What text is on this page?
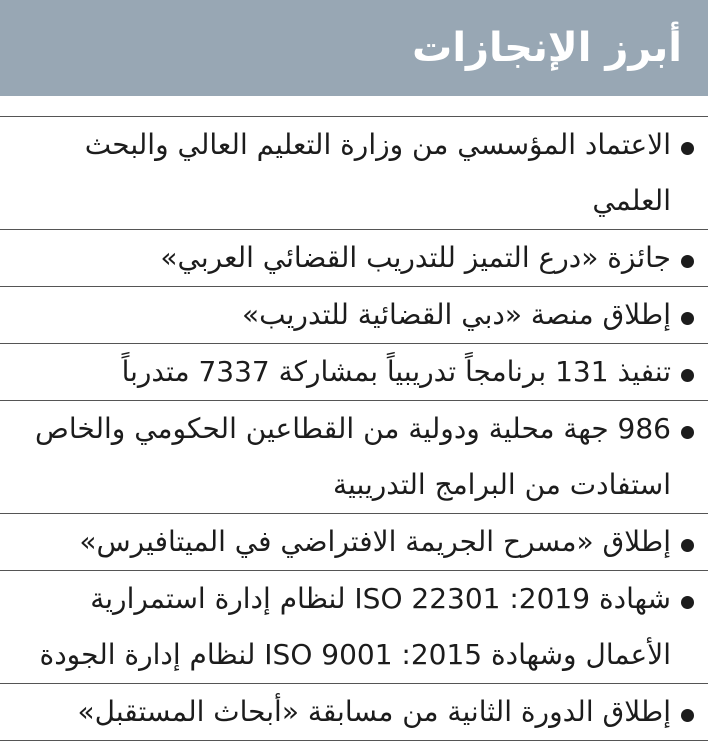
أبرز الإنجازات
الاعتماد المؤسسي من وزارة التعليم العالي والبحث العلمي
جائزة «درع التميز للتدريب القضائي العربي»
إطلاق منصة «دبي القضائية للتدريب»
تنفيذ 131 برنامجاً تدريبياً بمشاركة 7337 متدرباً
986 جهة محلية ودولية من القطاعين الحكومي والخاص استفادت من البرامج التدريبية
إطلاق «مسرح الجريمة الافتراضي في الميتافيرس»
شهادة ISO 22301 :2019 لنظام إدارة استمرارية الأعمال وشهادة ISO 9001 :2015 لنظام إدارة الجودة
إطلاق الدورة الثانية من مسابقة «أبحاث المستقبل»
